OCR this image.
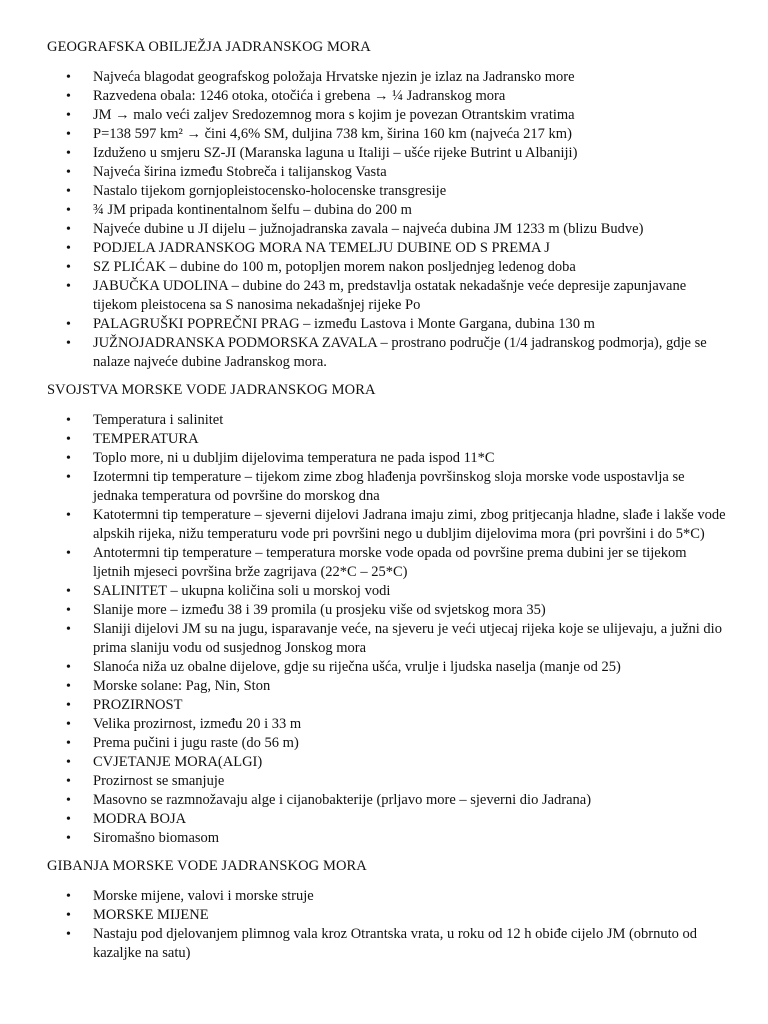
GEOGRAFSKA OBILJEŽJA JADRANSKOG MORA
• Najveća blagodat geografskog položaja Hrvatske njezin je izlaz na Jadransko more
• Razvedena obala: 1246 otoka, otočića i grebena → ¼ Jadranskog mora
• JM → malo veći zaljev Sredozemnog mora s kojim je povezan Otrantskim vratima
• P=138 597 km² → čini 4,6% SM, duljina 738 km, širina 160 km (najveća 217 km)
• Izduženo u smjeru SZ-JI (Maranska laguna u Italiji – ušće rijeke Butrint u Albaniji)
• Najveća širina između Stobreča i talijanskog Vasta
• Nastalo tijekom gornjopleistocensko-holocenske transgresije
• ¾ JM pripada kontinentalnom šelfu – dubina do 200 m
• Najveće dubine u JI dijelu – južnojadranska zavala – najveća dubina JM 1233 m (blizu Budve)
• PODJELA JADRANSKOG MORA NA TEMELJU DUBINE OD S PREMA J
• SZ PLIĆAK – dubine do 100 m, potopljen morem nakon posljednjeg ledenog doba
• JABUČKA UDOLINA – dubine do 243 m, predstavlja ostatak nekadašnje veće depresije zapunjavane tijekom pleistocena sa S nanosima nekadašnjej rijeke Po
• PALAGRUŠKI POPREČNI PRAG – između Lastova i Monte Gargana, dubina 130 m
• JUŽNOJADRANSKA PODMORSKA ZAVALA – prostrano područje (1/4 jadranskog podmorja), gdje se nalaze najveće dubine Jadranskog mora.
SVOJSTVA MORSKE VODE JADRANSKOG MORA
• Temperatura i salinitet
• TEMPERATURA
• Toplo more, ni u dubljim dijelovima temperatura ne pada ispod 11*C
• Izotermni tip temperature – tijekom zime zbog hlađenja površinskog sloja morske vode uspostavlja se jednaka temperatura od površine do morskog dna
• Katotermni tip temperature – sjeverni dijelovi Jadrana imaju zimi, zbog pritjecanja hladne, slađe i lakše vode alpskih rijeka, nižu temperaturu vode pri površini nego u dubljim dijelovima mora (pri površini i do 5*C)
• Antotermni tip temperature – temperatura morske vode opada od površine prema dubini jer se tijekom ljetnih mjeseci površina brže zagrijava (22*C – 25*C)
• SALINITET – ukupna količina soli u morskoj vodi
• Slanije more – između 38 i 39 promila (u prosjeku više od svjetskog mora 35)
• Slaniji dijelovi JM su na jugu, isparavanje veće, na sjeveru je veći utjecaj rijeka koje se ulijevaju, a južni dio prima slaniju vodu od susjednog Jonskog mora
• Slanoća niža uz obalne dijelove, gdje su riječna ušća, vrulje i ljudska naselja (manje od 25)
• Morske solane: Pag, Nin, Ston
• PROZIRNOST
• Velika prozirnost, između 20 i 33 m
• Prema pučini i jugu raste (do 56 m)
• CVJETANJE MORA(ALGI)
• Prozirnost se smanjuje
• Masovno se razmnožavaju alge i cijanobakterije (prljavo more – sjeverni dio Jadrana)
• MODRA BOJA
• Siromašno biomasom
GIBANJA MORSKE VODE JADRANSKOG MORA
• Morske mijene, valovi i morske struje
• MORSKE MIJENE
• Nastaju pod djelovanjem plimnog vala kroz Otrantska vrata, u roku od 12 h obiđe cijelo JM (obrnuto od kazaljke na satu)
